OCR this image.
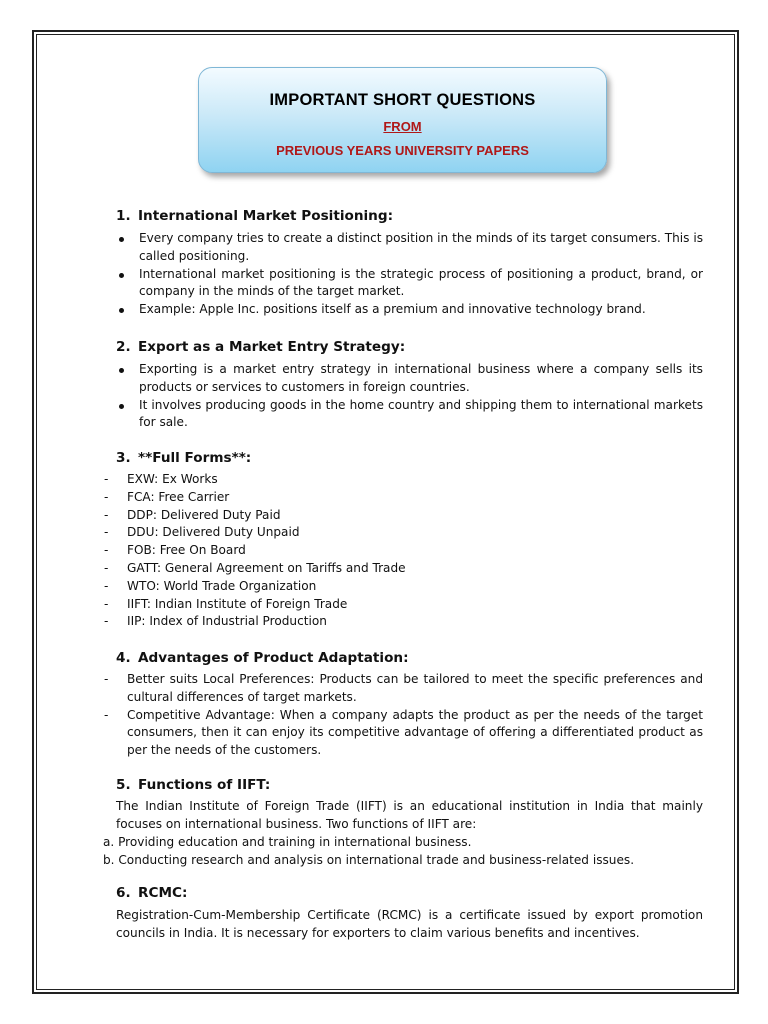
IMPORTANT SHORT QUESTIONS
FROM
PREVIOUS YEARS UNIVERSITY PAPERS
1. International Market Positioning:
Every company tries to create a distinct position in the minds of its target consumers. This is called positioning.
International market positioning is the strategic process of positioning a product, brand, or company in the minds of the target market.
Example: Apple Inc. positions itself as a premium and innovative technology brand.
2. Export as a Market Entry Strategy:
Exporting is a market entry strategy in international business where a company sells its products or services to customers in foreign countries.
It involves producing goods in the home country and shipping them to international markets for sale.
3. **Full Forms**:
- EXW: Ex Works
- FCA: Free Carrier
- DDP: Delivered Duty Paid
- DDU: Delivered Duty Unpaid
- FOB: Free On Board
- GATT: General Agreement on Tariffs and Trade
- WTO: World Trade Organization
- IIFT: Indian Institute of Foreign Trade
- IIP: Index of Industrial Production
4. Advantages of Product Adaptation:
- Better suits Local Preferences: Products can be tailored to meet the specific preferences and cultural differences of target markets.
- Competitive Advantage: When a company adapts the product as per the needs of the target consumers, then it can enjoy its competitive advantage of offering a differentiated product as per the needs of the customers.
5. Functions of IIFT:
The Indian Institute of Foreign Trade (IIFT) is an educational institution in India that mainly focuses on international business. Two functions of IIFT are:
a. Providing education and training in international business.
b. Conducting research and analysis on international trade and business-related issues.
6. RCMC:
Registration-Cum-Membership Certificate (RCMC) is a certificate issued by export promotion councils in India. It is necessary for exporters to claim various benefits and incentives.
